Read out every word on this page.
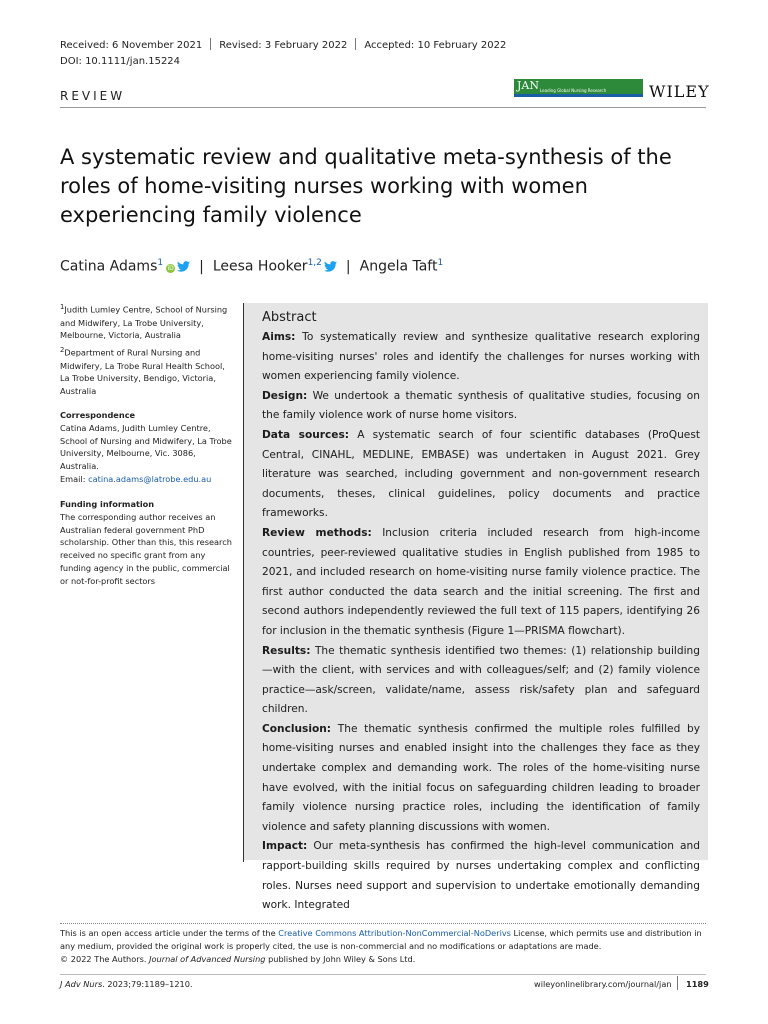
Received: 6 November 2021 Revised: 3 February 2022 Accepted: 10 February 2022
DOI: 10.1111/jan.15224
REVIEW
JAN Leading Global Nursing Research	WILEY
A systematic review and qualitative meta-synthesis of the roles of home-visiting nurses working with women experiencing family violence
Catina Adams$^1$iD | Leesa Hooker$^{1,2}$ | Angela Taft$^1$
$^1$Judith Lumley Centre, School of Nursing and Midwifery, La Trobe University, Melbourne, Victoria, Australia
$^2$Department of Rural Nursing and Midwifery, La Trobe Rural Health School, La Trobe University, Bendigo, Victoria, Australia
Correspondence
Catina Adams, Judith Lumley Centre, School of Nursing and Midwifery, La Trobe University, Melbourne, Vic. 3086, Australia.
Email: catina.adams@latrobe.edu.au
Funding information
The corresponding author receives an Australian federal government PhD scholarship. Other than this, this research received no specific grant from any funding agency in the public, commercial or not-for-profit sectors
Abstract

Aims: To systematically review and synthesize qualitative research exploring home-visiting nurses' roles and identify the challenges for nurses working with women experiencing family violence.

Design: We undertook a thematic synthesis of qualitative studies, focusing on the family violence work of nurse home visitors.

Data sources: A systematic search of four scientific databases (ProQuest Central, CINAHL, MEDLINE, EMBASE) was undertaken in August 2021. Grey literature was searched, including government and non-government research documents, theses, clinical guidelines, policy documents and practice frameworks.

Review methods: Inclusion criteria included research from high-income countries, peer-reviewed qualitative studies in English published from 1985 to 2021, and included research on home-visiting nurse family violence practice. The first author conducted the data search and the initial screening. The first and second authors independently reviewed the full text of 115 papers, identifying 26 for inclusion in the thematic synthesis (Figure 1—PRISMA flowchart).

Results: The thematic synthesis identified two themes: (1) relationship building—with the client, with services and with colleagues/self; and (2) family violence practice—ask/screen, validate/name, assess risk/safety plan and safeguard children.

Conclusion: The thematic synthesis confirmed the multiple roles fulfilled by home-visiting nurses and enabled insight into the challenges they face as they undertake complex and demanding work. The roles of the home-visiting nurse have evolved, with the initial focus on safeguarding children leading to broader family violence nursing practice roles, including the identification of family violence and safety planning discussions with women.

Impact: Our meta-synthesis has confirmed the high-level communication and rapport-building skills required by nurses undertaking complex and conflicting roles. Nurses need support and supervision to undertake emotionally demanding work. Integrated

This is an open access article under the terms of the Creative Commons Attribution-NonCommercial-NoDerivs License, which permits use and distribution in any medium, provided the original work is properly cited, the use is non-commercial and no modifications or adaptations are made.
© 2022 The Authors. Journal of Advanced Nursing published by John Wiley & Sons Ltd.
J Adv Nurs. 2023;79:1189–1210.	wileyonlinelibrary.com/journal/jan 1189
